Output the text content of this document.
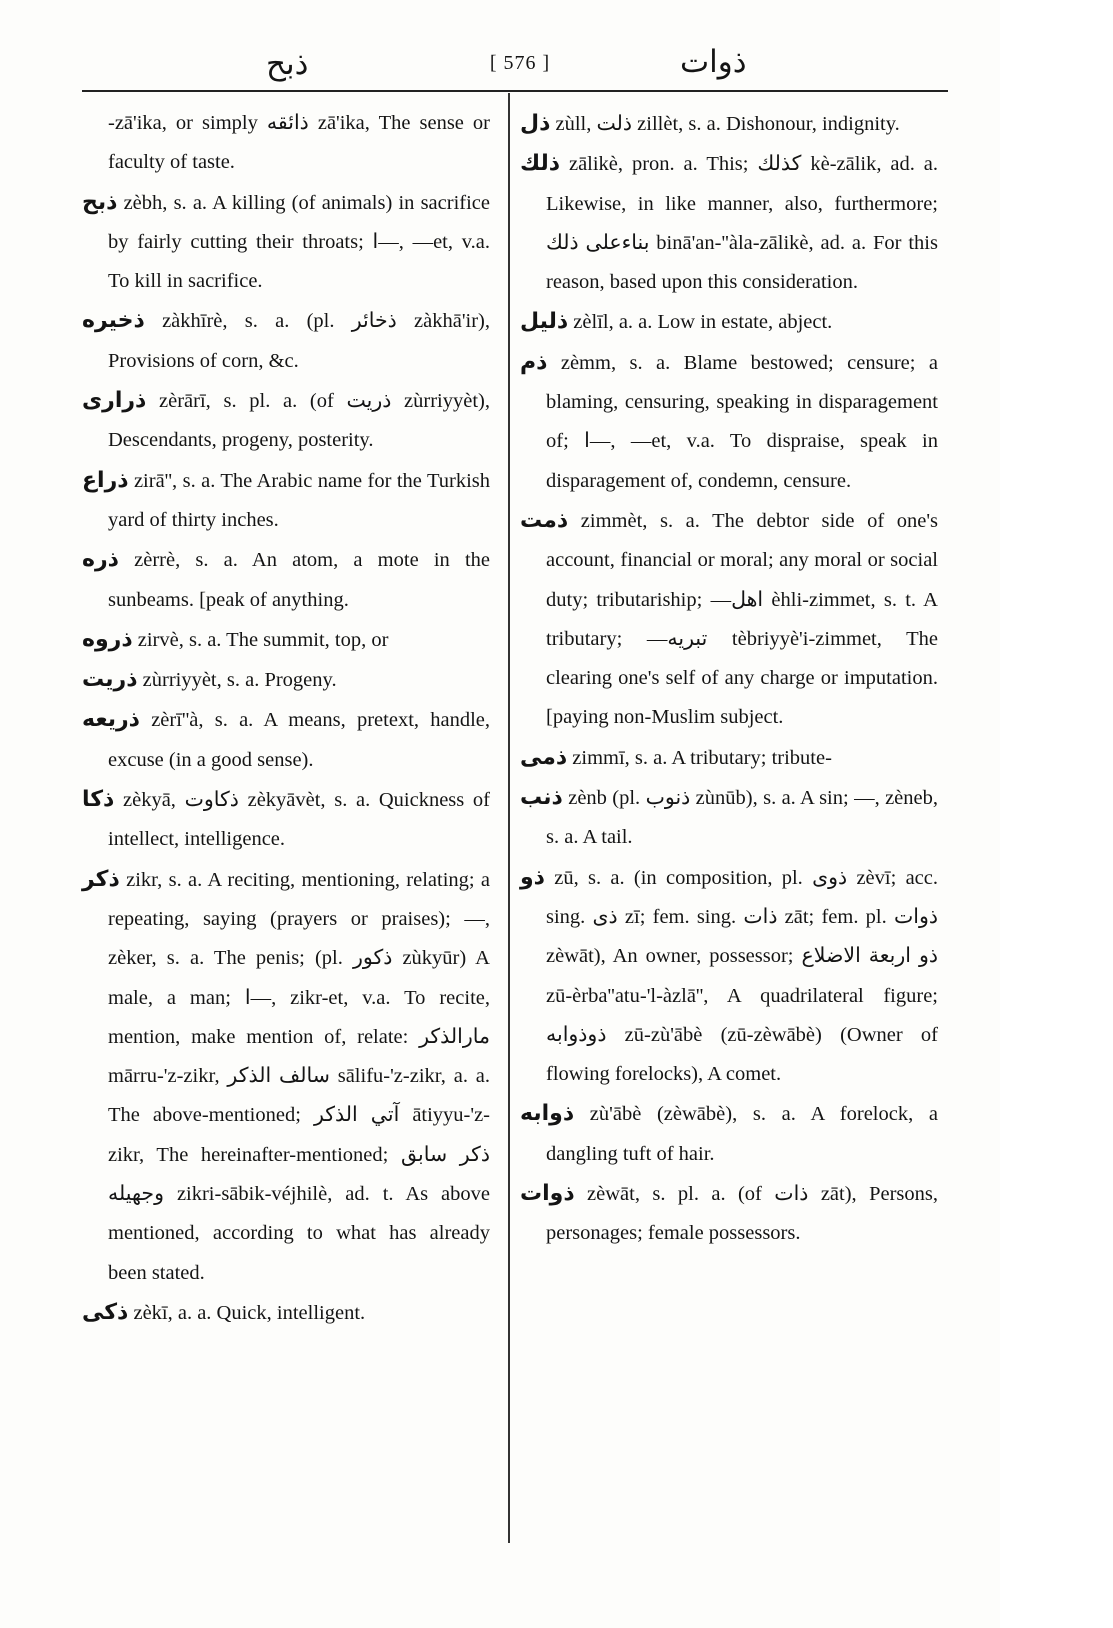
ذبح	[ 576 ]	ذوات
-zā'ika, or simply ذائقه zā'ika, The sense or faculty of taste.
ذبح zèbh, s. a. A killing (of animals) in sacrifice by fairly cutting their throats; ا—, —et, v.a. To kill in sacrifice.
ذخيره zàkhīrè, s. a. (pl. ذخائر zàkhā'ir), Provisions of corn, &c.
ذراری zèrārī, s. pl. a. (of ذريت zùrriyyèt), Descendants, progeny, posterity.
ذراع zirā'', s. a. The Arabic name for the Turkish yard of thirty inches.
ذره zèrrè, s. a. An atom, a mote in the sunbeams. [peak of anything.
ذروه zirvè, s. a. The summit, top, or
ذريت zùrriyyèt, s. a. Progeny.
ذريعه zèrī''à, s. a. A means, pretext, handle, excuse (in a good sense).
ذكا zèkyā, ذكاوت zèkyāvèt, s. a. Quickness of intellect, intelligence.
ذكر zikr, s. a. A reciting, mentioning, relating; a repeating, saying (prayers or praises); —, zèker, s. a. The penis; (pl. ذكور zùkyūr) A male, a man; ا—, zikr-et, v.a. To recite, mention, make mention of, relate: مارالذكر mārru-'z-zikr, سالف الذكر sālifu-'z-zikr, a. a. The above-mentioned; آتي الذكر ātiyyu-'z-zikr, The hereinafter-mentioned; ذكر سابق وجهيله zikri-sābik-véjhilè, ad. t. As above mentioned, according to what has already been stated.
ذكى zèkī, a. a. Quick, intelligent.
ذل zùll, ذلت zillèt, s. a. Dishonour, indignity.
ذلك zālikè, pron. a. This; كذلك kè-zālik, ad. a. Likewise, in like manner, also, furthermore; بناءعلى ذلك binā'an-''àla-zālikè, ad. a. For this reason, based upon this consideration.
ذليل zèlīl, a. a. Low in estate, abject.
ذم zèmm, s. a. Blame bestowed; censure; a blaming, censuring, speaking in disparagement of; ا—, —et, v.a. To dispraise, speak in disparagement of, condemn, censure.
ذمت zimmèt, s. a. The debtor side of one's account, financial or moral; any moral or social duty; tributariship; —اهل èhli-zimmet, s. t. A tributary; —تبريه tèbriyyè'i-zimmet, The clearing one's self of any charge or imputation. [paying non-Muslim subject.
ذمى zimmī, s. a. A tributary; tribute-
ذنب zènb (pl. ذنوب zùnūb), s. a. A sin; —, zèneb, s. a. A tail.
ذو zū, s. a. (in composition, pl. ذوى zèvī; acc. sing. ذى zī; fem. sing. ذات zāt; fem. pl. ذوات zèwāt), An owner, possessor; ذو اربعة الاضلاع zū-èrba''atu-'l-àzlā'', A quadrilateral figure; ذوذوابه zū-zù'ābè (zū-zèwābè) (Owner of flowing forelocks), A comet.
ذوابه zù'ābè (zèwābè), s. a. A forelock, a dangling tuft of hair.
ذوات zèwāt, s. pl. a. (of ذات zāt), Persons, personages; female possessors.
